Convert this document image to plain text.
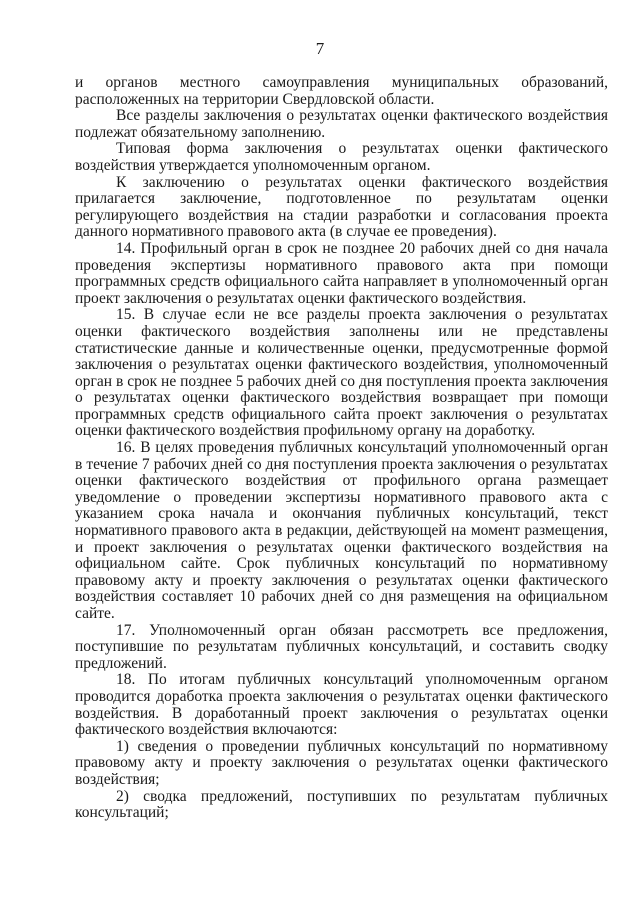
7

и органов местного самоуправления муниципальных образований, расположенных на территории Свердловской области.

Все разделы заключения о результатах оценки фактического воздействия подлежат обязательному заполнению.

Типовая форма заключения о результатах оценки фактического воздействия утверждается уполномоченным органом.

К заключению о результатах оценки фактического воздействия прилагается заключение, подготовленное по результатам оценки регулирующего воздействия на стадии разработки и согласования проекта данного нормативного правового акта (в случае ее проведения).

14. Профильный орган в срок не позднее 20 рабочих дней со дня начала проведения экспертизы нормативного правового акта при помощи программных средств официального сайта направляет в уполномоченный орган проект заключения о результатах оценки фактического воздействия.

15. В случае если не все разделы проекта заключения о результатах оценки фактического воздействия заполнены или не представлены статистические данные и количественные оценки, предусмотренные формой заключения о результатах оценки фактического воздействия, уполномоченный орган в срок не позднее 5 рабочих дней со дня поступления проекта заключения о результатах оценки фактического воздействия возвращает при помощи программных средств официального сайта проект заключения о результатах оценки фактического воздействия профильному органу на доработку.

16. В целях проведения публичных консультаций уполномоченный орган в течение 7 рабочих дней со дня поступления проекта заключения о результатах оценки фактического воздействия от профильного органа размещает уведомление о проведении экспертизы нормативного правового акта с указанием срока начала и окончания публичных консультаций, текст нормативного правового акта в редакции, действующей на момент размещения, и проект заключения о результатах оценки фактического воздействия на официальном сайте. Срок публичных консультаций по нормативному правовому акту и проекту заключения о результатах оценки фактического воздействия составляет 10 рабочих дней со дня размещения на официальном сайте.

17. Уполномоченный орган обязан рассмотреть все предложения, поступившие по результатам публичных консультаций, и составить сводку предложений.

18. По итогам публичных консультаций уполномоченным органом проводится доработка проекта заключения о результатах оценки фактического воздействия. В доработанный проект заключения о результатах оценки фактического воздействия включаются:

1) сведения о проведении публичных консультаций по нормативному правовому акту и проекту заключения о результатах оценки фактического воздействия;

2) сводка предложений, поступивших по результатам публичных консультаций;
